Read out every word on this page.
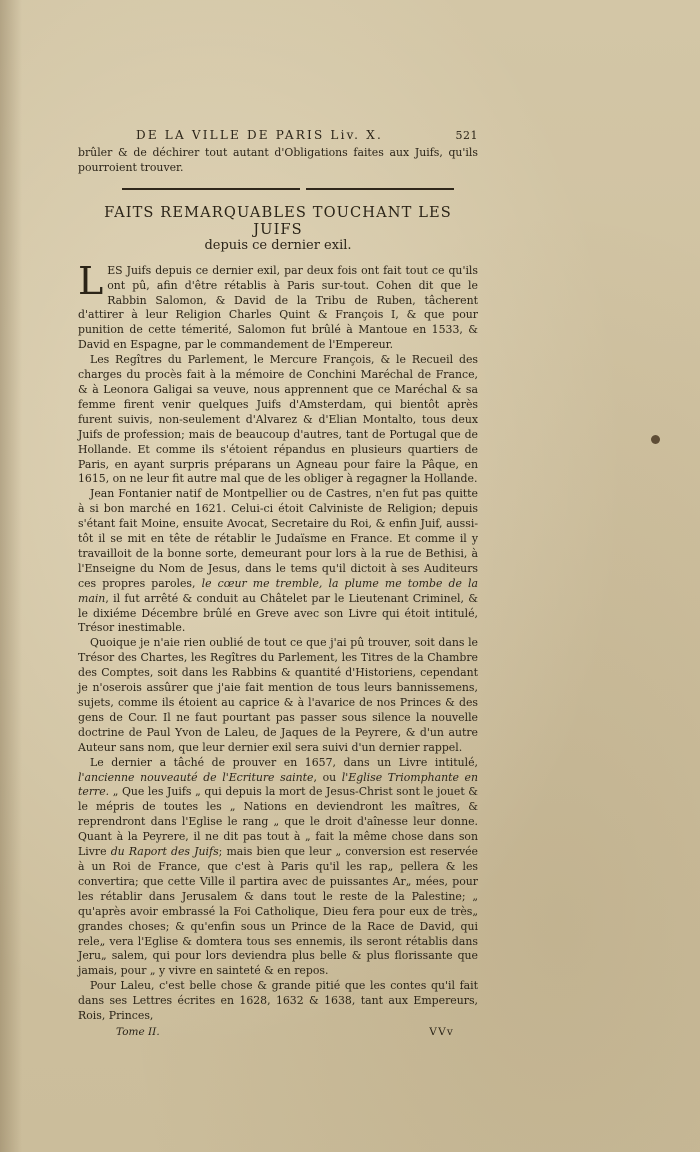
DE LA VILLE DE PARIS Liv. X.	521
brûler & de déchirer tout autant d'Obligations faites aux Juifs, qu'ils pourroient trouver.
FAITS REMARQUABLES TOUCHANT LES JUIFS
depuis ce dernier exil.

LES Juifs depuis ce dernier exil, par deux fois ont fait tout ce qu'ils ont pû, afin d'être rétablis à Paris sur-tout. Cohen dit que le Rabbin Salomon, & David de la Tribu de Ruben, tâcherent d'attirer à leur Religion Charles Quint & François I, & que pour punition de cette témerité, Salomon fut brûlé à Mantoue en 1533, & David en Espagne, par le commandement de l'Empereur.

Les Regîtres du Parlement, le Mercure François, & le Recueil des charges du procès fait à la mémoire de Conchini Maréchal de France, & à Leonora Galigai sa veuve, nous apprennent que ce Maréchal & sa femme firent venir quelques Juifs d'Amsterdam, qui bientôt après furent suivis, non-seulement d'Alvarez & d'Elian Montalto, tous deux Juifs de profession; mais de beaucoup d'autres, tant de Portugal que de Hollande. Et comme ils s'étoient répandus en plusieurs quartiers de Paris, en ayant surpris préparans un Agneau pour faire la Pâque, en 1615, on ne leur fit autre mal que de les obliger à regagner la Hollande.

Jean Fontanier natif de Montpellier ou de Castres, n'en fut pas quitte à si bon marché en 1621. Celui-ci étoit Calviniste de Religion; depuis s'étant fait Moine, ensuite Avocat, Secretaire du Roi, & enfin Juif, aussi-tôt il se mit en tête de rétablir le Judaïsme en France. Et comme il y travailloit de la bonne sorte, demeurant pour lors à la rue de Bethisi, à l'Enseigne du Nom de Jesus, dans le tems qu'il dictoit à ses Auditeurs ces propres paroles, le cœur me tremble, la plume me tombe de la main, il fut arrêté & conduit au Châtelet par le Lieutenant Criminel, & le dixiéme Décembre brûlé en Greve avec son Livre qui étoit intitulé, Trésor inestimable.

Quoique je n'aie rien oublié de tout ce que j'ai pû trouver, soit dans le Trésor des Chartes, les Regîtres du Parlement, les Titres de la Chambre des Comptes, soit dans les Rabbins & quantité d'Historiens, cependant je n'oserois assûrer que j'aie fait mention de tous leurs bannissemens, sujets, comme ils étoient au caprice & à l'avarice de nos Princes & des gens de Cour. Il ne faut pourtant pas passer sous silence la nouvelle doctrine de Paul Yvon de Laleu, de Jaques de la Peyrere, & d'un autre Auteur sans nom, que leur dernier exil sera suivi d'un dernier rappel.

Le dernier a tâché de prouver en 1657, dans un Livre intitulé, l'ancienne nouveauté de l'Ecriture sainte, ou l'Eglise Triomphante en terre. „ Que les Juifs „ qui depuis la mort de Jesus-Christ sont le jouet & le mépris de toutes les „ Nations en deviendront les maîtres, & reprendront dans l'Eglise le rang „ que le droit d'aînesse leur donne. Quant à la Peyrere, il ne dit pas tout à „ fait la même chose dans son Livre du Raport des Juifs; mais bien que leur „ conversion est reservée à un Roi de France, que c'est à Paris qu'il les rap„ pellera & les convertira; que cette Ville il partira avec de puissantes Ar„ mées, pour les rétablir dans Jerusalem & dans tout le reste de la Palestine; „ qu'après avoir embrassé la Foi Catholique, Dieu fera pour eux de très„ grandes choses; & qu'enfin sous un Prince de la Race de David, qui rele„ vera l'Eglise & domtera tous ses ennemis, ils seront rétablis dans Jeru„ salem, qui pour lors deviendra plus belle & plus florissante que jamais, pour „ y vivre en sainteté & en repos.

Pour Laleu, c'est belle chose & grande pitié que les contes qu'il fait dans ses Lettres écrites en 1628, 1632 & 1638, tant aux Empereurs, Rois, Princes,

Tome II.	VVv
